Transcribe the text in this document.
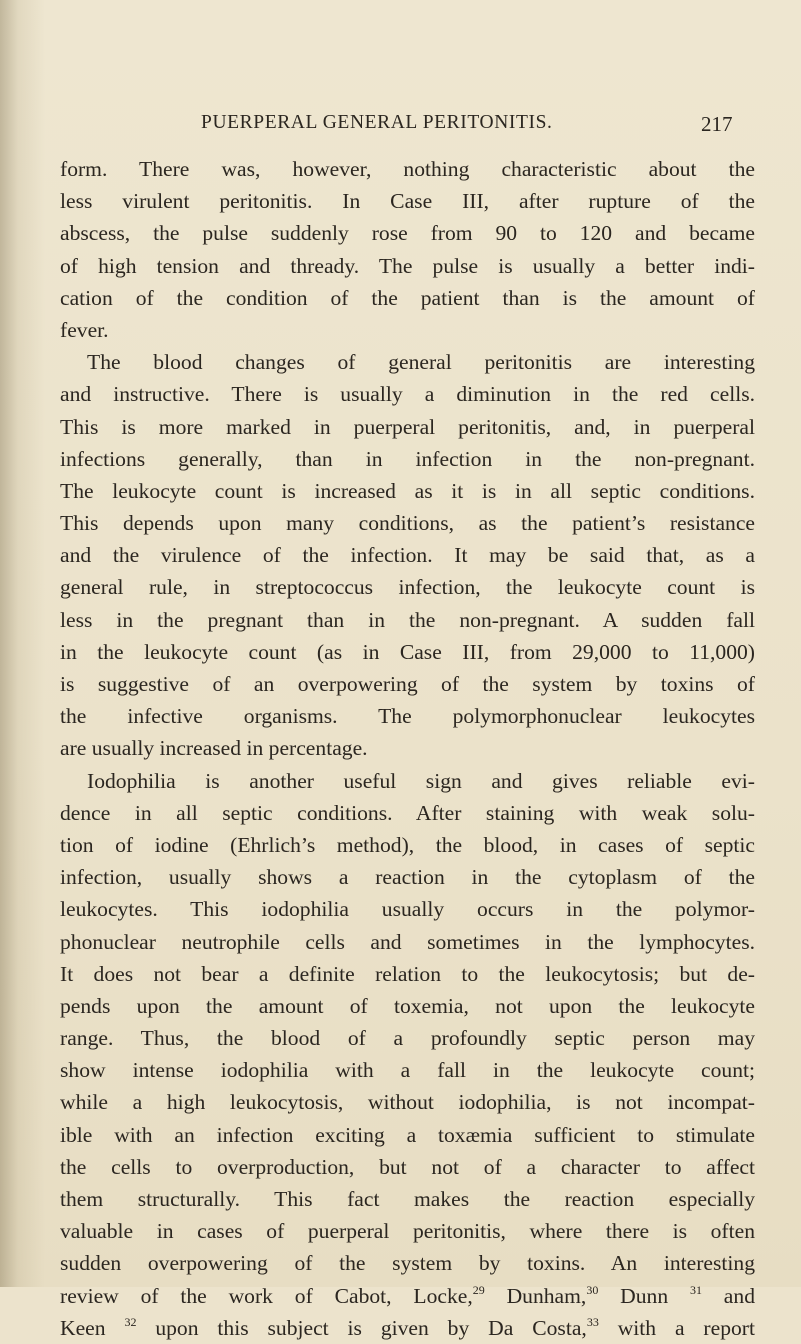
PUERPERAL GENERAL PERITONITIS.	217
form. There was, however, nothing characteristic about the
less virulent peritonitis. In Case III, after rupture of the
abscess, the pulse suddenly rose from 90 to 120 and became
of high tension and thready. The pulse is usually a better indi-
cation of the condition of the patient than is the amount of
fever.
The blood changes of general peritonitis are interesting
and instructive. There is usually a diminution in the red cells.
This is more marked in puerperal peritonitis, and, in puerperal
infections generally, than in infection in the non-pregnant.
The leukocyte count is increased as it is in all septic conditions.
This depends upon many conditions, as the patient’s resistance
and the virulence of the infection. It may be said that, as a
general rule, in streptococcus infection, the leukocyte count is
less in the pregnant than in the non-pregnant. A sudden fall
in the leukocyte count (as in Case III, from 29,000 to 11,000)
is suggestive of an overpowering of the system by toxins of
the infective organisms. The polymorphonuclear leukocytes
are usually increased in percentage.
Iodophilia is another useful sign and gives reliable evi-
dence in all septic conditions. After staining with weak solu-
tion of iodine (Ehrlich’s method), the blood, in cases of septic
infection, usually shows a reaction in the cytoplasm of the
leukocytes. This iodophilia usually occurs in the polymor-
phonuclear neutrophile cells and sometimes in the lymphocytes.
It does not bear a definite relation to the leukocytosis; but de-
pends upon the amount of toxemia, not upon the leukocyte
range. Thus, the blood of a profoundly septic person may
show intense iodophilia with a fall in the leukocyte count;
while a high leukocytosis, without iodophilia, is not incompat-
ible with an infection exciting a toxæmia sufficient to stimulate
the cells to overproduction, but not of a character to affect
them structurally. This fact makes the reaction especially
valuable in cases of puerperal peritonitis, where there is often
sudden overpowering of the system by toxins. An interesting
review of the work of Cabot, Locke,$^{29}$ Dunham,$^{30}$ Dunn $^{31}$ and
Keen $^{32}$ upon this subject is given by Da Costa,$^{33}$ with a report
